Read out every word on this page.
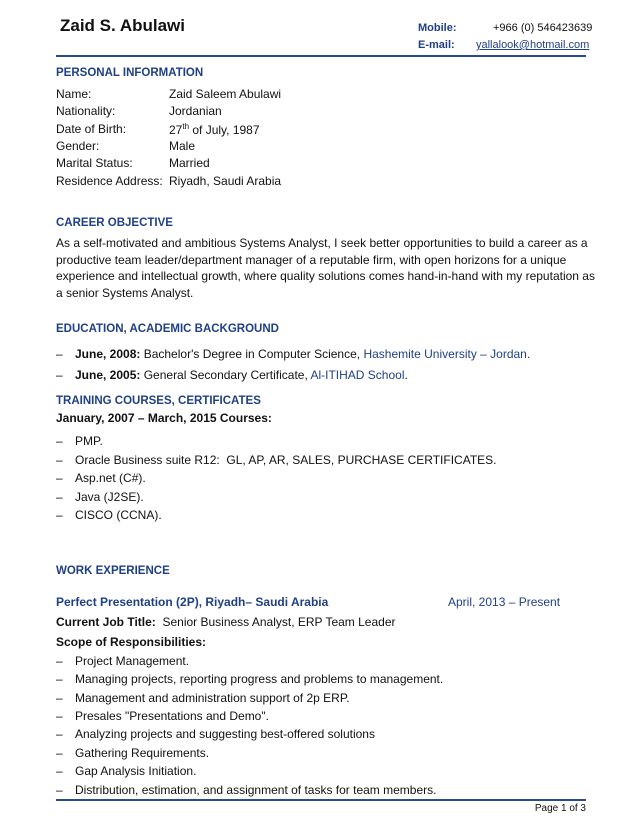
Zaid S. Abulawi	Mobile:	+966 (0) 546423639
E-mail: yallalook@hotmail.com
PERSONAL INFORMATION
Name:	Zaid Saleem Abulawi
Nationality:	Jordanian
Date of Birth:	27th of July, 1987
Gender:	Male
Marital Status:	Married
Residence Address: Riyadh, Saudi Arabia
CAREER OBJECTIVE
As a self-motivated and ambitious Systems Analyst, I seek better opportunities to build a career as a
productive team leader/department manager of a reputable firm, with open horizons for a unique
experience and intellectual growth, where quality solutions comes hand-in-hand with my reputation as
a senior Systems Analyst.
EDUCATION, ACADEMIC BACKGROUND
– June, 2008: Bachelor's Degree in Computer Science, Hashemite University – Jordan.
– June, 2005: General Secondary Certificate, Al-ITIHAD School.
TRAINING COURSES, CERTIFICATES
January, 2007 – March, 2015 Courses:
– PMP.
– Oracle Business suite R12:  GL, AP, AR, SALES, PURCHASE CERTIFICATES.
– Asp.net (C#).
– Java (J2SE).
– CISCO (CCNA).
WORK EXPERIENCE
Perfect Presentation (2P), Riyadh– Saudi Arabia	April, 2013 – Present
Current Job Title:  Senior Business Analyst, ERP Team Leader
Scope of Responsibilities:
– Project Management.
– Managing projects, reporting progress and problems to management.
– Management and administration support of 2p ERP.
– Presales "Presentations and Demo".
– Analyzing projects and suggesting best-offered solutions
– Gathering Requirements.
– Gap Analysis Initiation.
– Distribution, estimation, and assignment of tasks for team members.
Page 1 of 3
